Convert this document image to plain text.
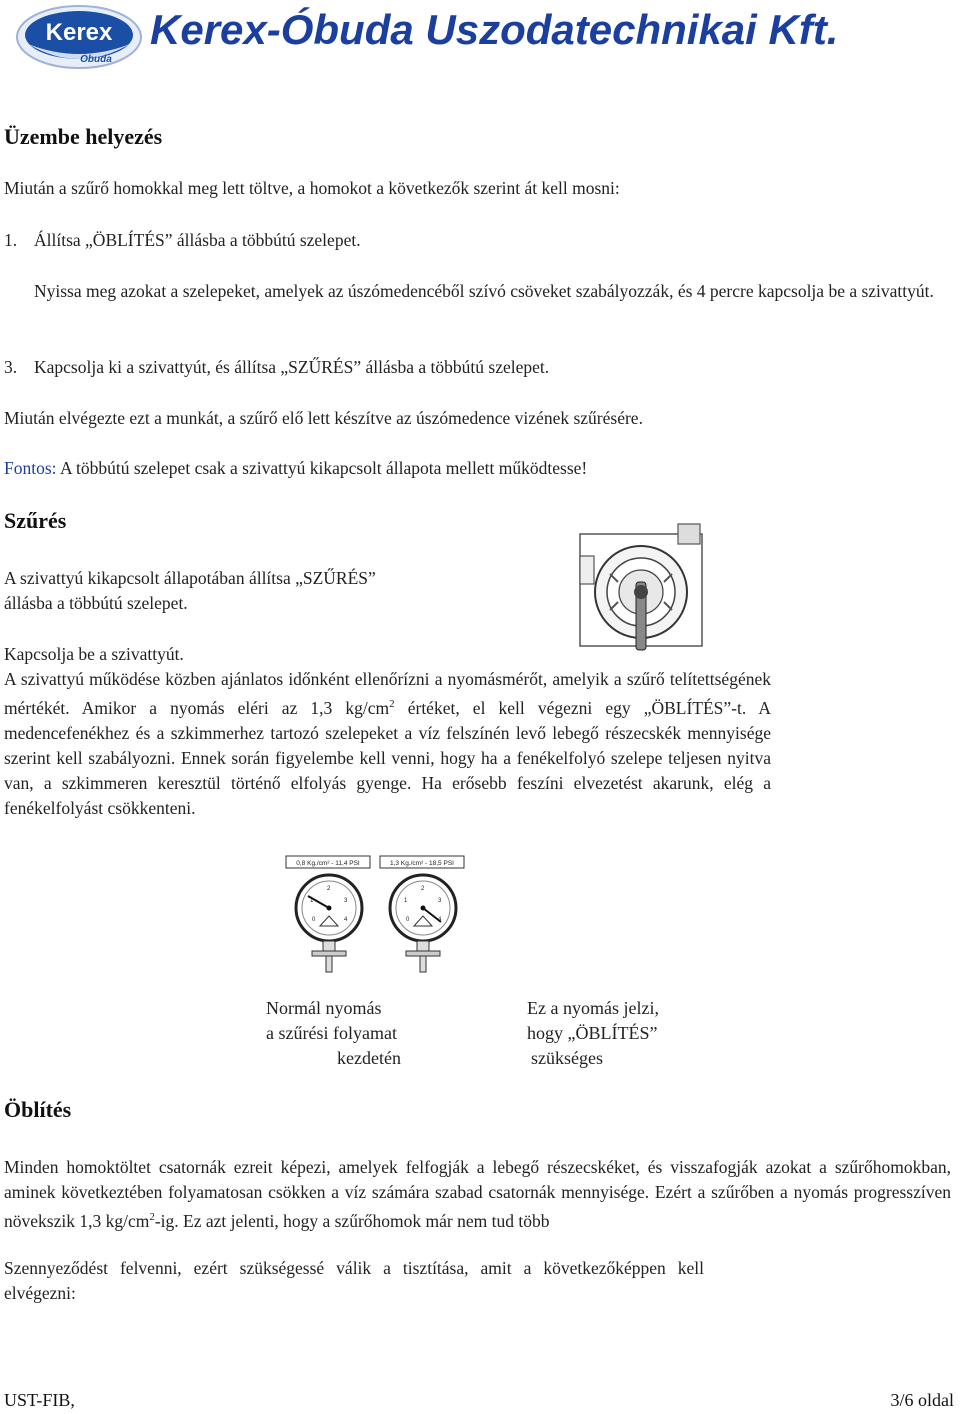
Kerex
Óbuda
Kerex-Óbuda Uszodatechnikai Kft.
Üzembe helyezés
Miután a szűrő homokkal meg lett töltve, a homokot a következők szerint át kell mosni:
1. Állítsa „ÖBLÍTÉS” állásba a többútú szelepet.
Nyissa meg azokat a szelepeket, amelyek az úszómedencéből szívó csöveket szabályozzák, és 4 percre kapcsolja be a szivattyút.
3. Kapcsolja ki a szivattyút, és állítsa „SZŰRÉS” állásba a többútú szelepet.
Miután elvégezte ezt a munkát, a szűrő elő lett készítve az úszómedence vizének szűrésére.
Fontos: A többútú szelepet csak a szivattyú kikapcsolt állapota mellett működtesse!
Szűrés
A szivattyú kikapcsolt állapotában állítsa „SZŰRÉS”
állásba a többútú szelepet.
Kapcsolja be a szivattyút.
A szivattyú működése közben ajánlatos időnként ellenőrízni a nyomásmérőt, amelyik a szűrő telítettségének mértékét. Amikor a nyomás eléri az 1,3 $kg/cm^2$ értéket, el kell végezni egy „ÖBLÍTÉS”-t. A medencefenékhez és a szkimmerhez tartozó szelepeket a víz felszínén levő lebegő részecskék mennyisége szerint kell szabályozni. Ennek során figyelembe kell venni, hogy ha a fenékelfolyó szelepe teljesen nyitva van, a szkimmeren keresztül történő elfolyás gyenge. Ha erősebb feszíni elvezetést akarunk, elég a fenékelfolyást csökkenteni.
0,8 Kg./cm² - 11,4 PSI	1,3 Kg./cm² - 18,5 PSI
0
1
2
3
4	0
1
2
3
4
Normál nyomás
a szűrési folyamat
kezdetén
Ez a nyomás jelzi,
hogy „ÖBLÍTÉS”
szükséges
Öblítés
Minden homoktöltet csatornák ezreit képezi, amelyek felfogják a lebegő részecskéket, és visszafogják azokat a szűrőhomokban, aminek következtében folyamatosan csökken a víz számára szabad csatornák mennyisége. Ezért a szűrőben a nyomás progresszíven növekszik 1,3 $kg/cm^2-ig$. Ez azt jelenti, hogy a szűrőhomok már nem tud több
Szennyeződést felvenni, ezért szükségessé válik a tisztítása, amit a következőképpen kell elvégezni:
UST-FIB,	3/6 oldal
